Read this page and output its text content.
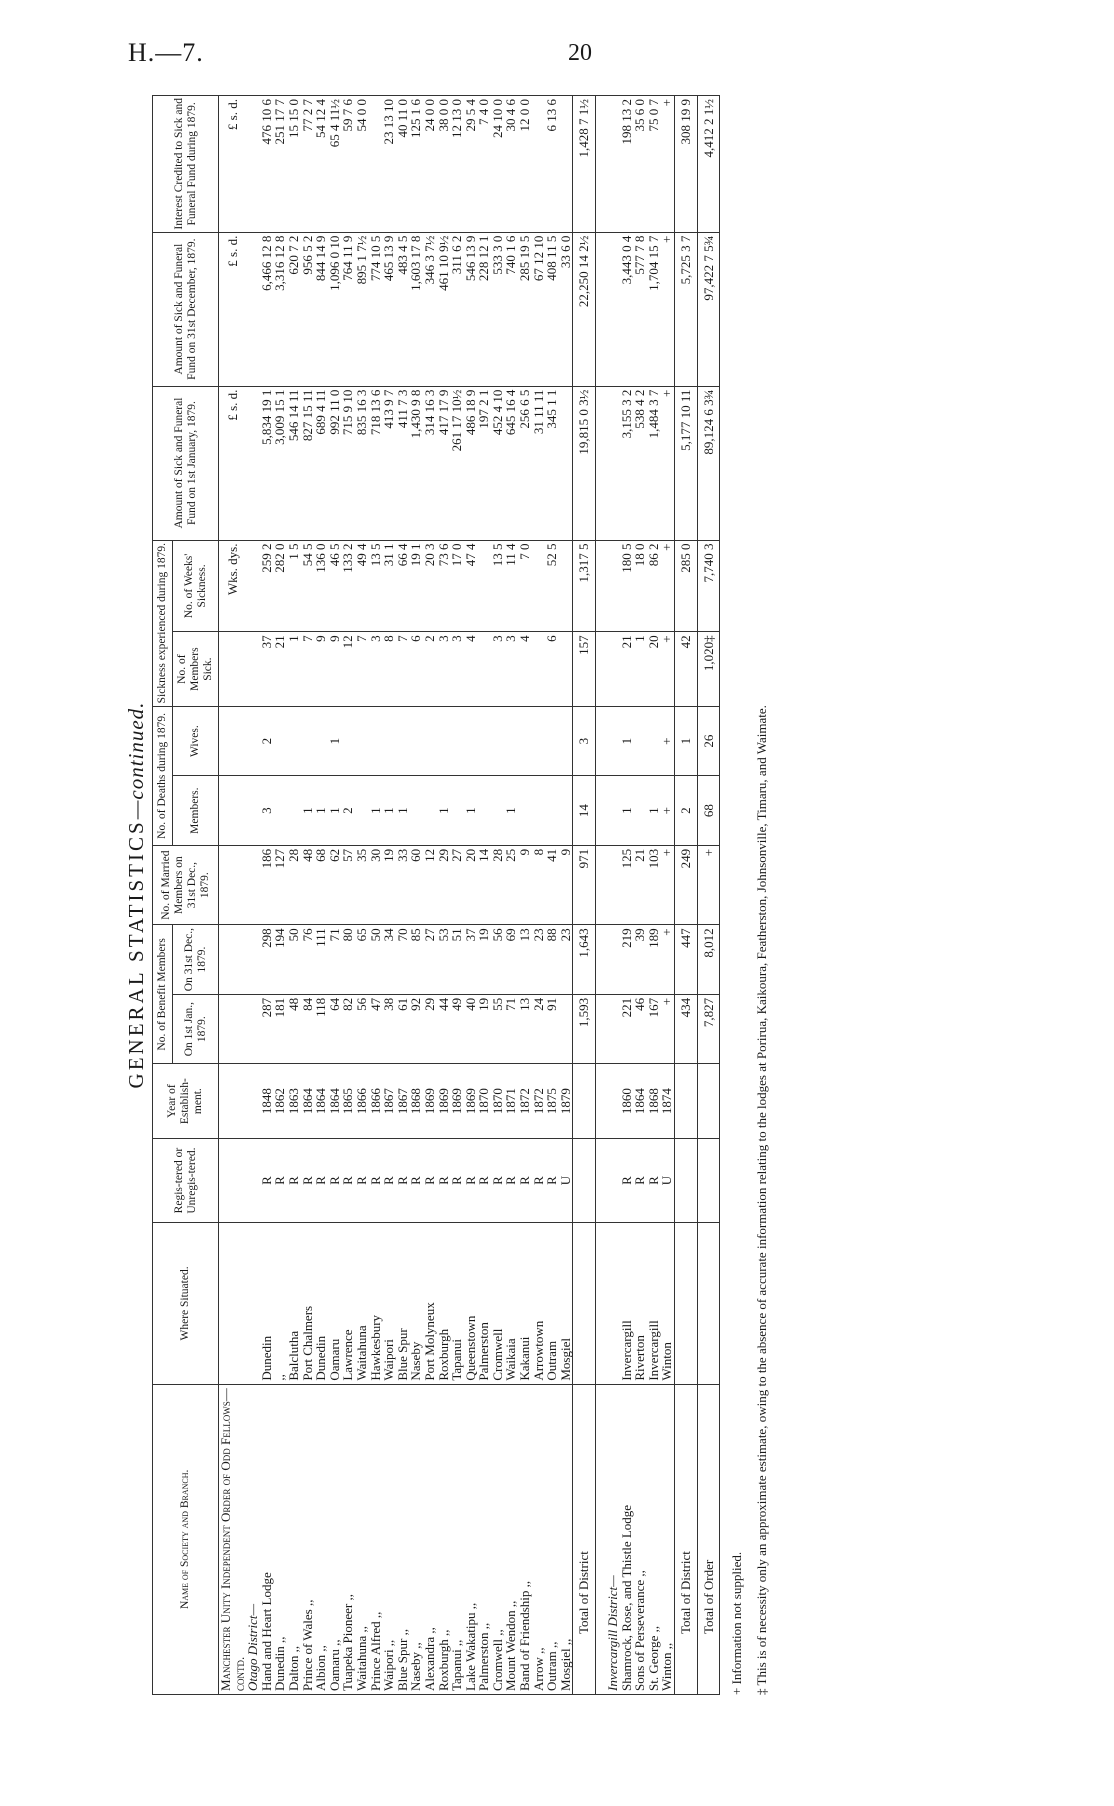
H.—7.	20
GENERAL STATISTICS—continued.
Name of Society and Branch.	Where Situated.	Regis-tered or Unregis-tered.	Year of Establish-ment.	No. of Benefit Members		No. of Married Members on 31st Dec., 1879.	No. of Deaths during 1879.		Sickness experienced during 1879.		Amount of Sick and Funeral Fund on 1st January, 1879.	Amount of Sick and Funeral Fund on 31st December, 1879.	Interest Credited to Sick and Funeral Fund during 1879.
				On 1st Jan., 1879.	On 31st Dec., 1879.		Members.	Wives.	No. of Members Sick.	No. of Weeks' Sickness.			
Manchester Unity Independent Order of Odd Fellows—contd.										Wks. dys.	£ s. d.	£ s. d.	£ s. d.
Otago District—													
Hand and Heart Lodge	Dunedin	R	1848	287	298	186	3	2	37	259 2	5,834 19 1	6,466 12 8	476 10 6
Dunedin ,,	,,	R	1862	181	194	127			21	282 0	3,009 15 1	3,316 12 8	251 17 7
Dalton ,,	Balclutha	R	1863	48	50	28			1	1 5	546 14 11	620 7 2	15 15 0
Prince of Wales ,,	Port Chalmers	R	1864	84	76	48	1		7	54 5	827 15 11	956 5 2	77 2 7
Albion ,,	Dunedin	R	1864	118	111	68	1		9	136 0	689 4 11	844 14 9	54 12 4
Oamaru ,,	Oamaru	R	1864	64	71	62	1	1	9	46 5	992 11 0	1,096 0 10	65 4 11½
Tuapeka Pioneer ,,	Lawrence	R	1865	82	80	57	2		12	133 2	715 9 10	764 11 9	59 7 6
Waitahuna ,,	Waitahuna	R	1866	56	65	35			7	49 4	835 16 3	895 1 7½	54 0 0
Prince Alfred ,,	Hawkesbury	R	1866	47	50	30	1		3	13 5	718 13 6	774 10 5	
Waipori ,,	Waipori	R	1867	38	34	19	1		8	31 1	413 9 7	465 13 9	23 13 10
Blue Spur ,,	Blue Spur	R	1867	61	70	33	1		7	66 4	411 7 3	483 4 5	40 11 0
Naseby ,,	Naseby	R	1868	92	85	60			6	19 1	1,430 9 8	1,603 17 8	125 1 6
Alexandra ,,	Port Molyneux	R	1869	29	27	12			2	20 3	314 16 3	346 3 7½	24 0 0
Roxburgh ,,	Roxburgh	R	1869	44	53	29	1		3	73 6	417 17 9	461 10 9½	38 0 0
Tapanui ,,	Tapanui	R	1869	49	51	27			3	17 0	261 17 10½	311 6 2	12 13 0
Lake Wakatipu ,,	Queenstown	R	1869	40	37	20	1		4	47 4	486 18 9	546 13 9	29 5 4
Palmerston ,,	Palmerston	R	1870	19	19	14					197 2 1	228 12 1	7 4 0
Cromwell ,,	Cromwell	R	1870	55	56	28			3	13 5	452 4 10	533 3 0	24 10 0
Mount Wendon ,,	Waikaia	R	1871	71	69	25	1		3	11 4	645 16 4	740 1 6	30 4 6
Band of Friendship ,,	Kakanui	R	1872	13	13	9			4	7 0	256 6 5	285 19 5	12 0 0
Arrow ,,	Arrowtown	R	1872	24	23	8					31 11 11	67 12 10	
Outram ,,	Outram	R	1875	91	88	41			6	52 5	345 1 1	408 11 5	6 13 6
Mosgiel ,,	Mosgiel	U	1879		23	9						33 6 0	
Total of District				1,593	1,643	971	14	3	157	1,317 5	19,815 0 3½	22,250 14 2½	1,428 7 1½

Invercargill District—													
Shamrock, Rose, and Thistle Lodge	Invercargill	R	1860	221	219	125	1	1	21	180 5	3,155 3 2	3,443 0 4	198 13 2
Sons of Perseverance ,,	Riverton	R	1864	46	39	21			1	18 0	538 4 2	577 7 8	35 6 0
St. George ,,	Invercargill	R	1868	167	189	103	1		20	86 2	1,484 3 7	1,704 15 7	75 0 7
Winton ,,	Winton	U	1874	+	+	+	+	+	+	+	+	+	+
Total of District				434	447	249	2	1	42	285 0	5,177 10 11	5,725 3 7	308 19 9
Total of Order				7,827	8,012	+	68	26	1,020‡	7,740 3	89,124 6 3¾	97,422 7 5¾	4,412 2 1½
+ Information not supplied. ‡ This is of necessity only an approximate estimate, owing to the absence of accurate information relating to the lodges at Porirua, Kaikoura, Featherston, Johnsonville, Timaru, and Waimate.
